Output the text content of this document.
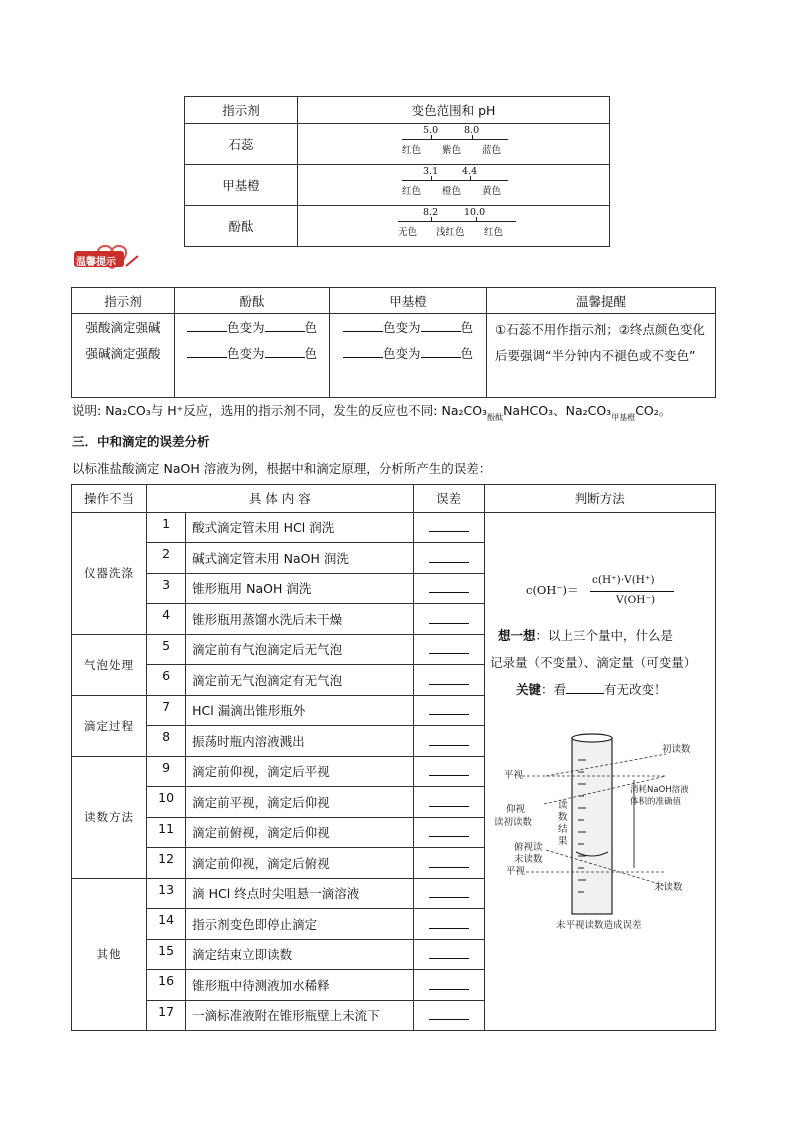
指示剂	变色范围和 pH
石蕊	5.0 8.0
红色 紫色 蓝色

甲基橙	3.1 4.4
红色 橙色 黄色

酚酞	8.2 10.0
无色 浅红色 红色
温馨提示
指示剂	酚酞	甲基橙	温馨提醒
强酸滴定强碱	色变为 色	色变为 色	①石蕊不用作指示剂；②终点颜色变化后要强调“半分钟内不褪色或不变色”
强碱滴定强酸	色变为 色	色变为 色	
说明: Na₂CO₃与 H⁺反应，选用的指示剂不同，发生的反应也不同: $Na_2CO_3_{酚酞}NaHCO_3$、$Na_2CO_3_{甲基橙}CO_2$。
三．中和滴定的误差分析
以标准盐酸滴定 NaOH 溶液为例，根据中和滴定原理，分析所产生的误差：
操作不当	具 体 内 容		误差	判断方法
仪器洗涤	1	酸式滴定管未用 HCl 润洗		
	2	碱式滴定管未用 NaOH 润洗		
	3	锥形瓶用 NaOH 润洗		
	4	锥形瓶用蒸馏水洗后未干燥		
气泡处理	5	滴定前有气泡滴定后无气泡		
	6	滴定前无气泡滴定有无气泡		
滴定过程	7	HCl 漏滴出锥形瓶外		
	8	振荡时瓶内溶液溅出		
读数方法	9	滴定前仰视，滴定后平视		
	10	滴定前平视，滴定后仰视		
	11	滴定前俯视，滴定后仰视		
	12	滴定前仰视，滴定后俯视		
其他	13	滴 HCl 终点时尖咀悬一滴溶液		
	14	指示剂变色即停止滴定		
	15	滴定结束立即读数		
	16	锥形瓶中待测液加水稀释		
	17	一滴标准液附在锥形瓶壁上未流下		
c(OH⁻)＝
c(H⁺)·V(H⁺)
V(OH⁻)
想一想：以上三个量中，什么是
记录量（不变量）、滴定量（可变量）
关键：看	有无改变！
初读数
平视
消耗NaOH溶液
体积的准确值
仰视
读初读数
读
数
结
果
俯视读
末读数
平视
末读数
未平视读数造成误差
